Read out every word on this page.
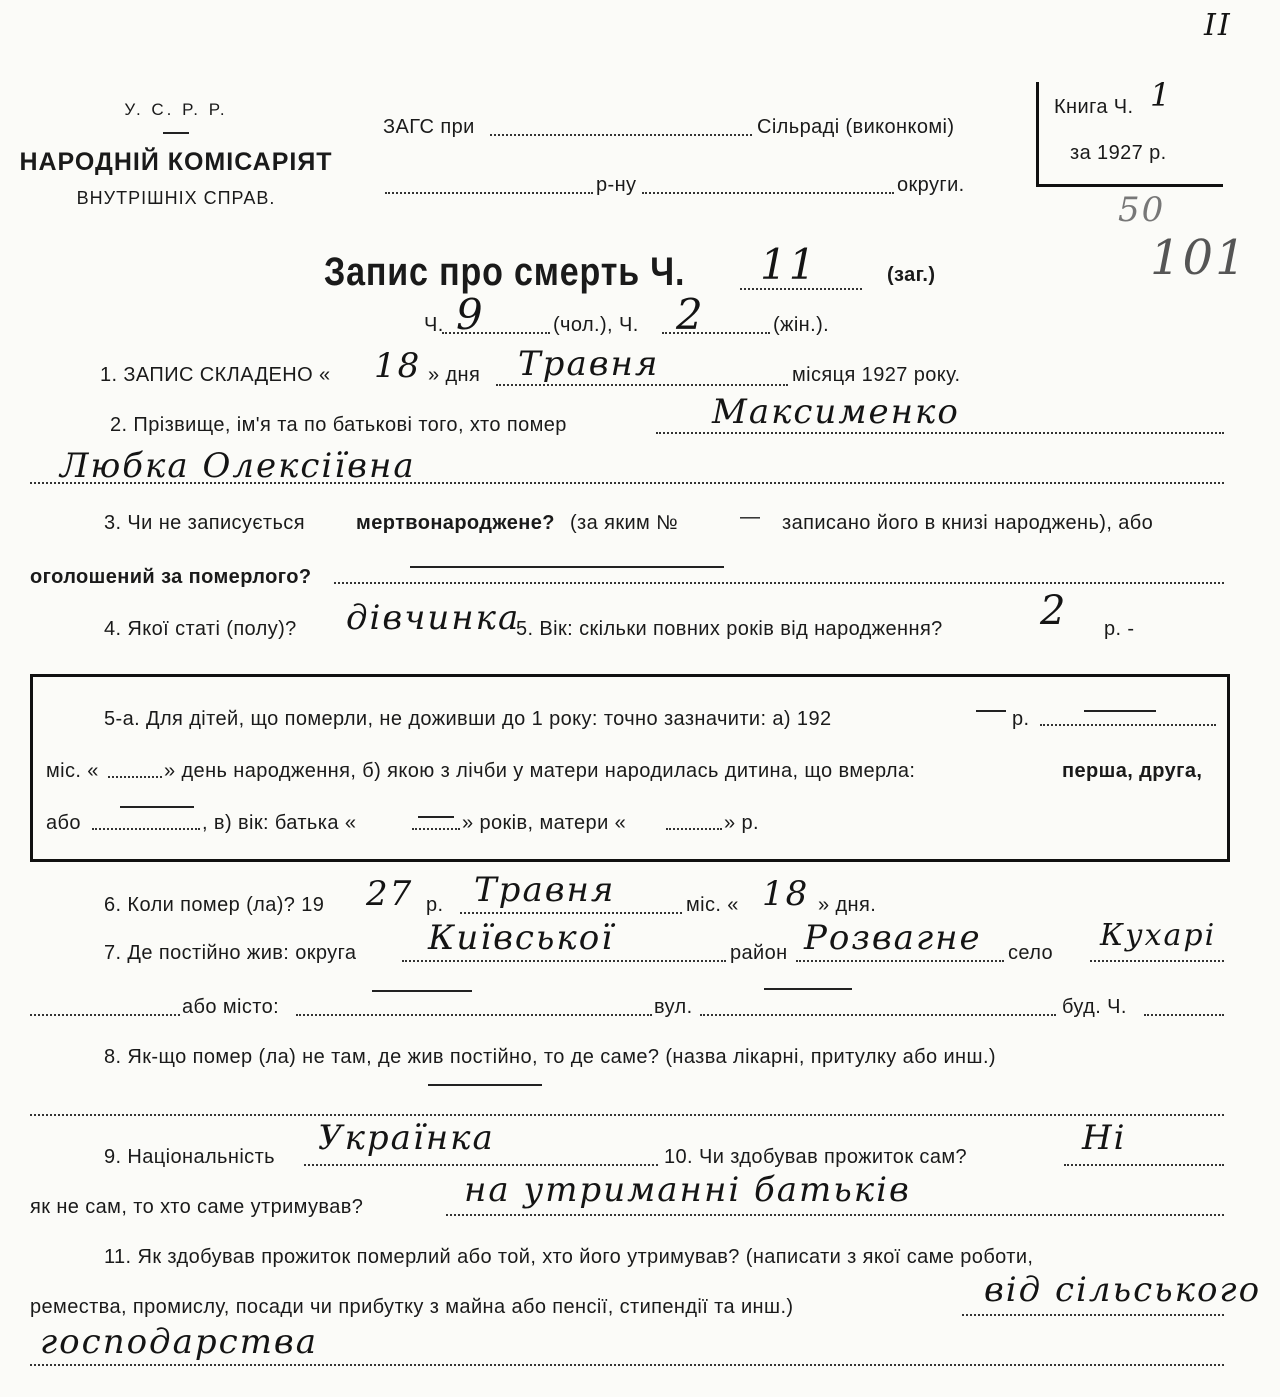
У. С. Р. Р.
НАРОДНІЙ КОМІСАРІЯТ
ВНУТРІШНІХ СПРАВ.
ЗАГС при	Сільраді (виконкомі)
р-ну	округи.
Книга Ч. 1
за 1927 р.
II
50
101
Запис про смерть Ч. 11	(заг.)
Ч. 9	(чол.), Ч. 2	(жін.).
1. ЗАПИС СКЛАДЕНО « 18 » дня Травня	місяця 1927 року.
2. Прізвище, ім'я та по батькові того, хто помер	Максименко
Любка Олексіївна
3. Чи не записується	мертвонароджене? (за яким №	— записано його в книзі народжень), або
оголошений за померлого?
4. Якої статі (полу)? дівчинка
5. Вік: скільки повних років від народження? 2 р. -
5-а. Для дітей, що померли, не доживши до 1 року: точно зазначити: а) 192	р.
міс. «	» день народження, б) якою з лічби у матери народилась дитина, що вмерла:	перша, друга,
або	, в) вік: батька «	» років, матери «	» р.
6. Коли помер (ла)? 19 27 р. Травня	міс. « 18 » дня.
7. Де постійно жив: округа Київської	район Розвагне село Кухарі
або місто:	вул.	буд. Ч.
8. Як-що помер (ла) не там, де жив постійно, то де саме? (назва лікарні, притулку або инш.)
9. Національність Українка	10. Чи здобував прожиток сам?	Ні
як не сам, то хто саме утримував?	на утриманні батьків
11. Як здобував прожиток померлий або той, хто його утримував? (написати з якої саме роботи,
ремества, промислу, посади чи прибутку з майна або пенсії, стипендії та инш.)	від сільського
господарства
